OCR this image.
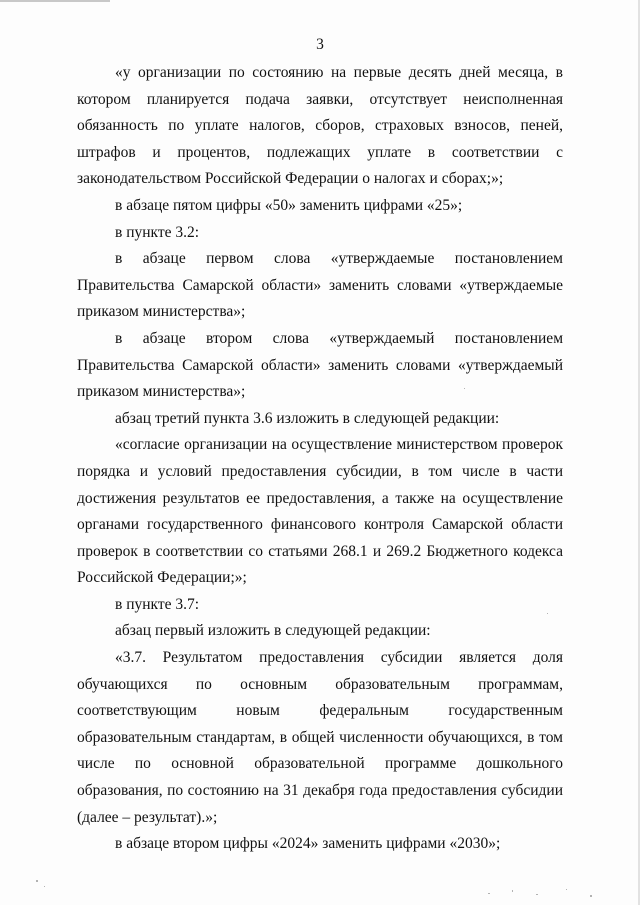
3

«у организации по состоянию на первые десять дней месяца, в котором планируется подача заявки, отсутствует неисполненная обязанность по уплате налогов, сборов, страховых взносов, пеней, штрафов и процентов, подлежащих уплате в соответствии с законодательством Российской Федерации о налогах и сборах;»;

в абзаце пятом цифры «50» заменить цифрами «25»;

в пункте 3.2:

в абзаце первом слова «утверждаемые постановлением Правительства Самарской области» заменить словами «утверждаемые приказом министерства»;

в абзаце втором слова «утверждаемый постановлением Правительства Самарской области» заменить словами «утверждаемый приказом министерства»;

абзац третий пункта 3.6 изложить в следующей редакции:

«согласие организации на осуществление министерством проверок порядка и условий предоставления субсидии, в том числе в части достижения результатов ее предоставления, а также на осуществление органами государственного финансового контроля Самарской области проверок в соответствии со статьями 268.1 и 269.2 Бюджетного кодекса Российской Федерации;»;

в пункте 3.7:

абзац первый изложить в следующей редакции:

«3.7. Результатом предоставления субсидии является доля обучающихся по основным образовательным программам, соответствующим новым федеральным государственным образовательным стандартам, в общей численности обучающихся, в том числе по основной образовательной программе дошкольного образования, по состоянию на 31 декабря года предоставления субсидии (далее – результат).»;

в абзаце втором цифры «2024» заменить цифрами «2030»;
